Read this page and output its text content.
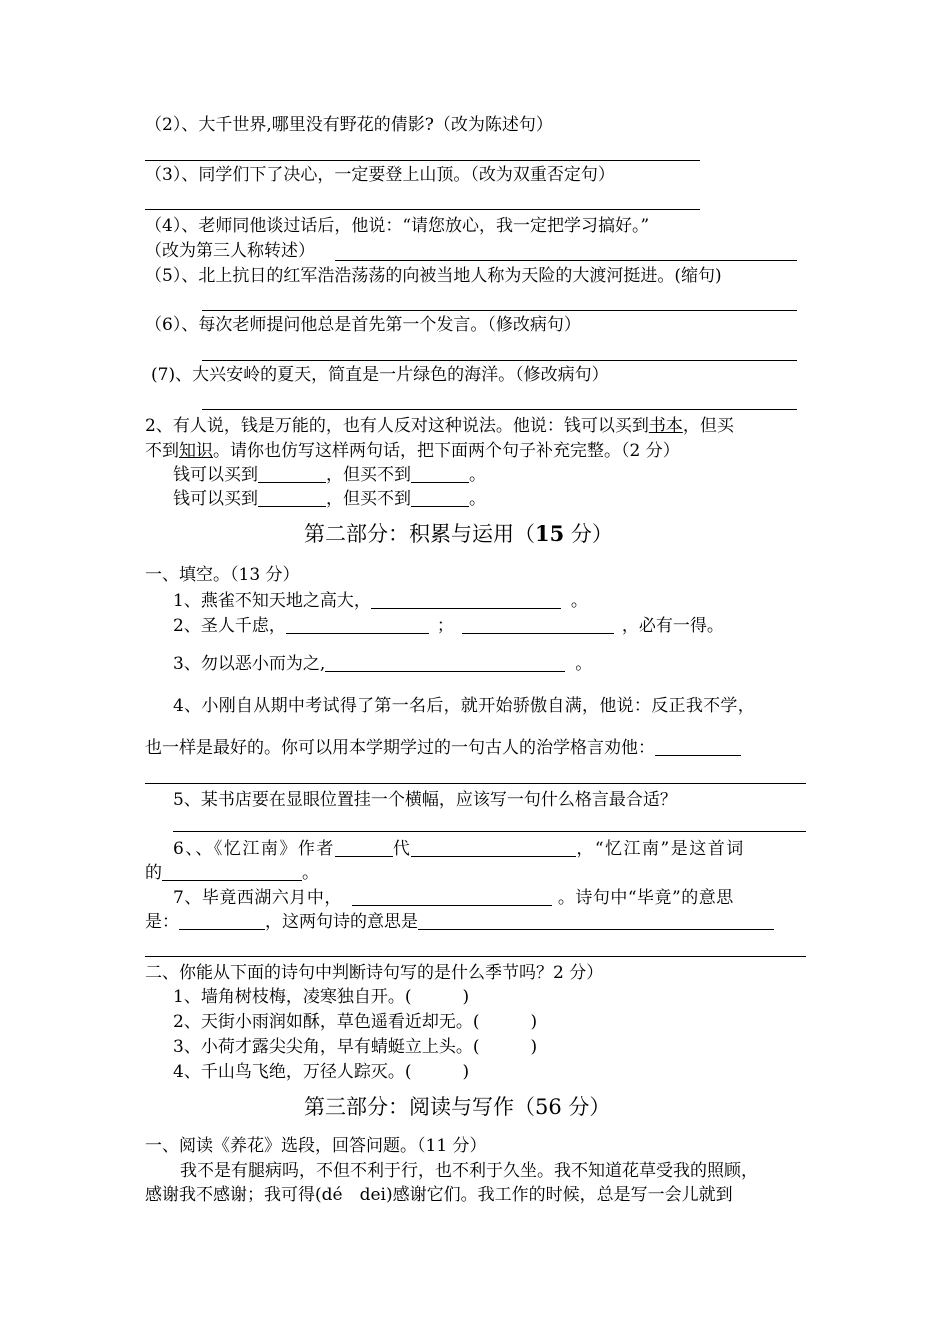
（2）、大千世界,哪里没有野花的倩影?（改为陈述句）
（3）、同学们下了决心，一定要登上山顶。（改为双重否定句）
（4）、老师同他谈过话后，他说：“请您放心，我一定把学习搞好。”
（改为第三人称转述）
（5）、北上抗日的红军浩浩荡荡的向被当地人称为天险的大渡河挺进。(缩句)
（6）、每次老师提问他总是首先第一个发言。（修改病句）
(7)、大兴安岭的夏天，简直是一片绿色的海洋。（修改病句）
2、有人说，钱是万能的，也有人反对这种说法。他说：钱可以买到书本，但买
不到知识。请你也仿写这样两句话，把下面两个句子补充完整。（2 分）
钱可以买到	，但买不到	。
钱可以买到	，但买不到	。
第二部分：积累与运用（15 分）
一、填空。（13 分）
1、燕雀不知天地之高大，	。
2、圣人千虑，	；	，必有一得。
3、勿以恶小而为之,	。
4、小刚自从期中考试得了第一名后，就开始骄傲自满，他说：反正我不学，
也一样是最好的。你可以用本学期学过的一句古人的治学格言劝他：
5、某书店要在显眼位置挂一个横幅，应该写一句什么格言最合适？
6、、《忆江南》作者	代	，“忆江南”是这首词
的	。
7、毕竟西湖六月中，	。诗句中“毕竟”的意思
是：	，这两句诗的意思是
二、你能从下面的诗句中判断诗句写的是什么季节吗？2 分）
1、墙角树枝梅，凌寒独自开。(　　　)
2、天街小雨润如酥，草色遥看近却无。(　　　)
3、小荷才露尖尖角，早有蜻蜓立上头。(　　　)
4、千山鸟飞绝，万径人踪灭。(　　　)
第三部分：阅读与写作（56 分）
一、阅读《养花》选段，回答问题。（11 分）
我不是有腿病吗，不但不利于行，也不利于久坐。我不知道花草受我的照顾，
感谢我不感谢；我可得(dé　dei)感谢它们。我工作的时候，总是写一会儿就到
